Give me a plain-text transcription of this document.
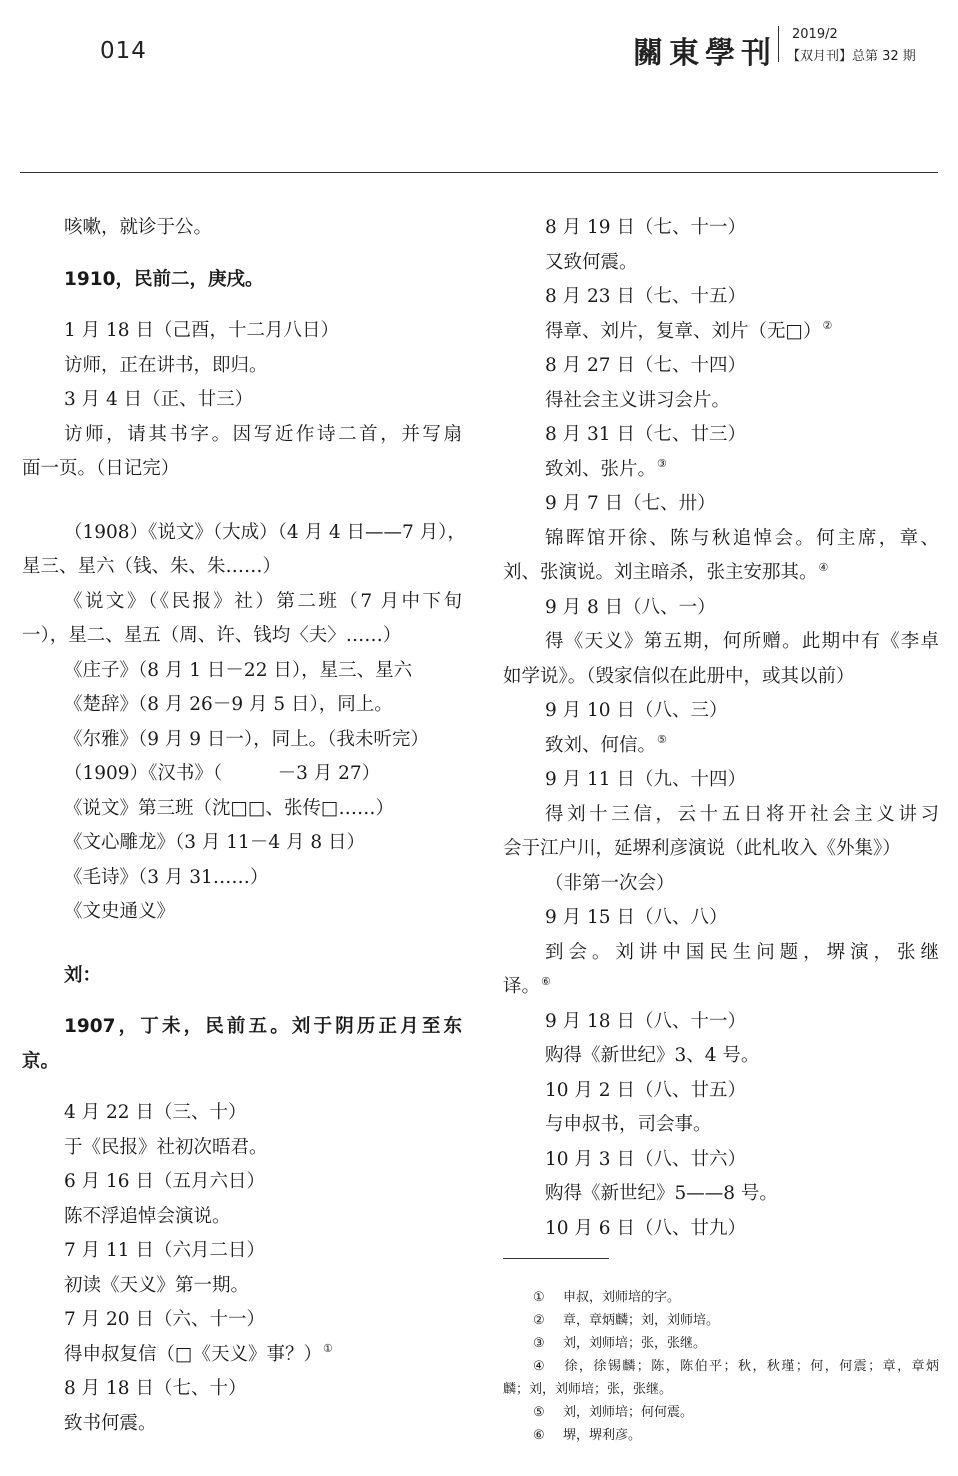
014	關東學刊
2019/2
【双月刊】总第 32 期
咳嗽，就诊于公。
1910，民前二，庚戌。
1 月 18 日（己酉，十二月八日）
访师，正在讲书，即归。
3 月 4 日（正、廿三）
访师，请其书字。因写近作诗二首，并写扇
面一页。（日记完）
（1908）《说文》（大成）（4 月 4 日——7 月），
星三、星六（钱、朱、朱……）
《说文》（《民报》社）第二班（7 月中下旬
一），星二、星五（周、许、钱均〈夫〉……）
《庄子》（8 月 1 日－22 日），星三、星六
《楚辞》（8 月 26－9 月 5 日），同上。
《尔雅》（9 月 9 日一），同上。（我未听完）
（1909）《汉书》（　　　－3 月 27）
《说文》第三班（沈□□、张传□……）
《文心雕龙》（3 月 11－4 月 8 日）
《毛诗》（3 月 31……）
《文史通义》
刘：
1907，丁未，民前五。刘于阴历正月至东
京。
4 月 22 日（三、十）
于《民报》社初次晤君。
6 月 16 日（五月六日）
陈不浮追悼会演说。
7 月 11 日（六月二日）
初读《天义》第一期。
7 月 20 日（六、十一）
得申叔复信（□《天义》事？）①
8 月 18 日（七、十）
致书何震。
8 月 19 日（七、十一）
又致何震。
8 月 23 日（七、十五）
得章、刘片，复章、刘片（无□）②
8 月 27 日（七、十四）
得社会主义讲习会片。
8 月 31 日（七、廿三）
致刘、张片。③
9 月 7 日（七、卅）
锦晖馆开徐、陈与秋追悼会。何主席，章、
刘、张演说。刘主暗杀，张主安那其。④
9 月 8 日（八、一）
得《天义》第五期，何所赠。此期中有《李卓
如学说》。（毁家信似在此册中，或其以前）
9 月 10 日（八、三）
致刘、何信。⑤
9 月 11 日（九、十四）
得刘十三信，云十五日将开社会主义讲习
会于江户川，延堺利彦演说（此札收入《外集》）
（非第一次会）
9 月 15 日（八、八）
到会。刘讲中国民生问题，堺演，张继
译。⑥
9 月 18 日（八、十一）
购得《新世纪》3、4 号。
10 月 2 日（八、廿五）
与申叔书，司会事。
10 月 3 日（八、廿六）
购得《新世纪》5——8 号。
10 月 6 日（八、廿九）
① 申叔，刘师培的字。
② 章，章炳麟；刘，刘师培。
③ 刘，刘师培；张，张继。
④ 徐，徐锡麟；陈，陈伯平；秋，秋瑾；何，何震；章，章炳
麟；刘，刘师培；张，张继。
⑤ 刘，刘师培；何何震。
⑥ 堺，堺利彦。
